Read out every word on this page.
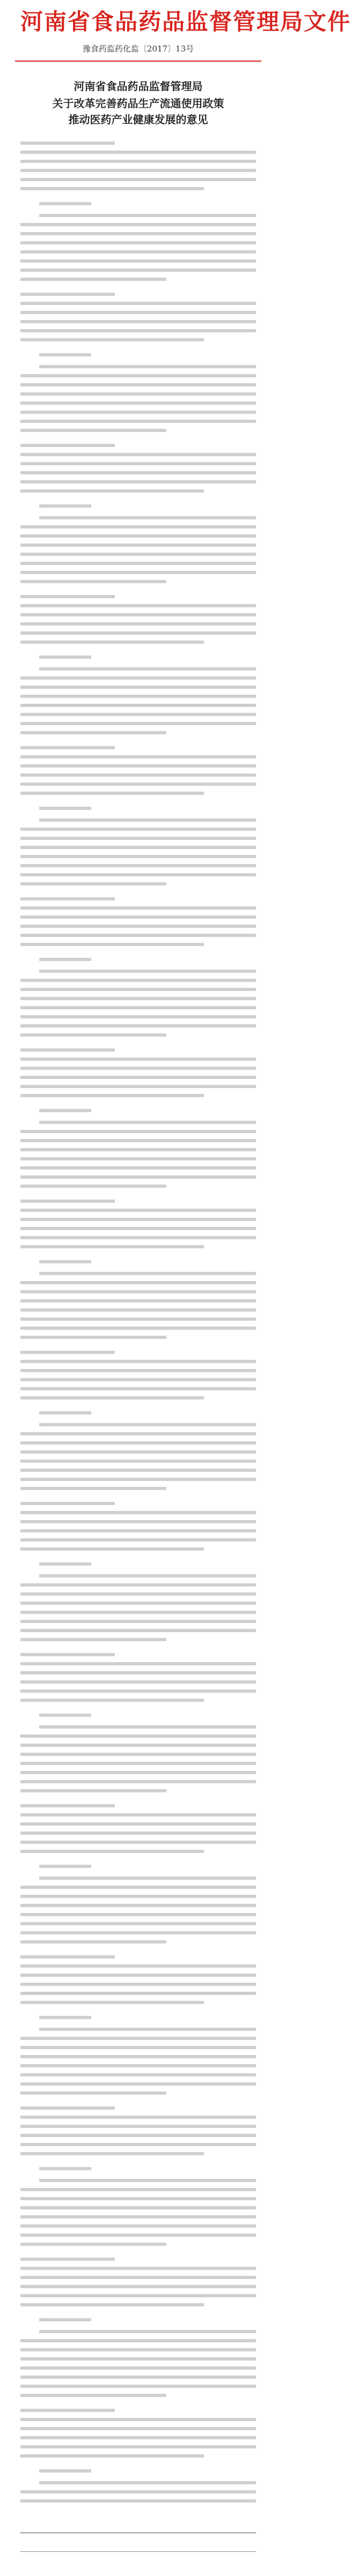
河南省食品药品监督管理局文件
豫食药监药化监〔2017〕13号
河南省食品药品监督管理局
关于改革完善药品生产流通使用政策
推动医药产业健康发展的意见
